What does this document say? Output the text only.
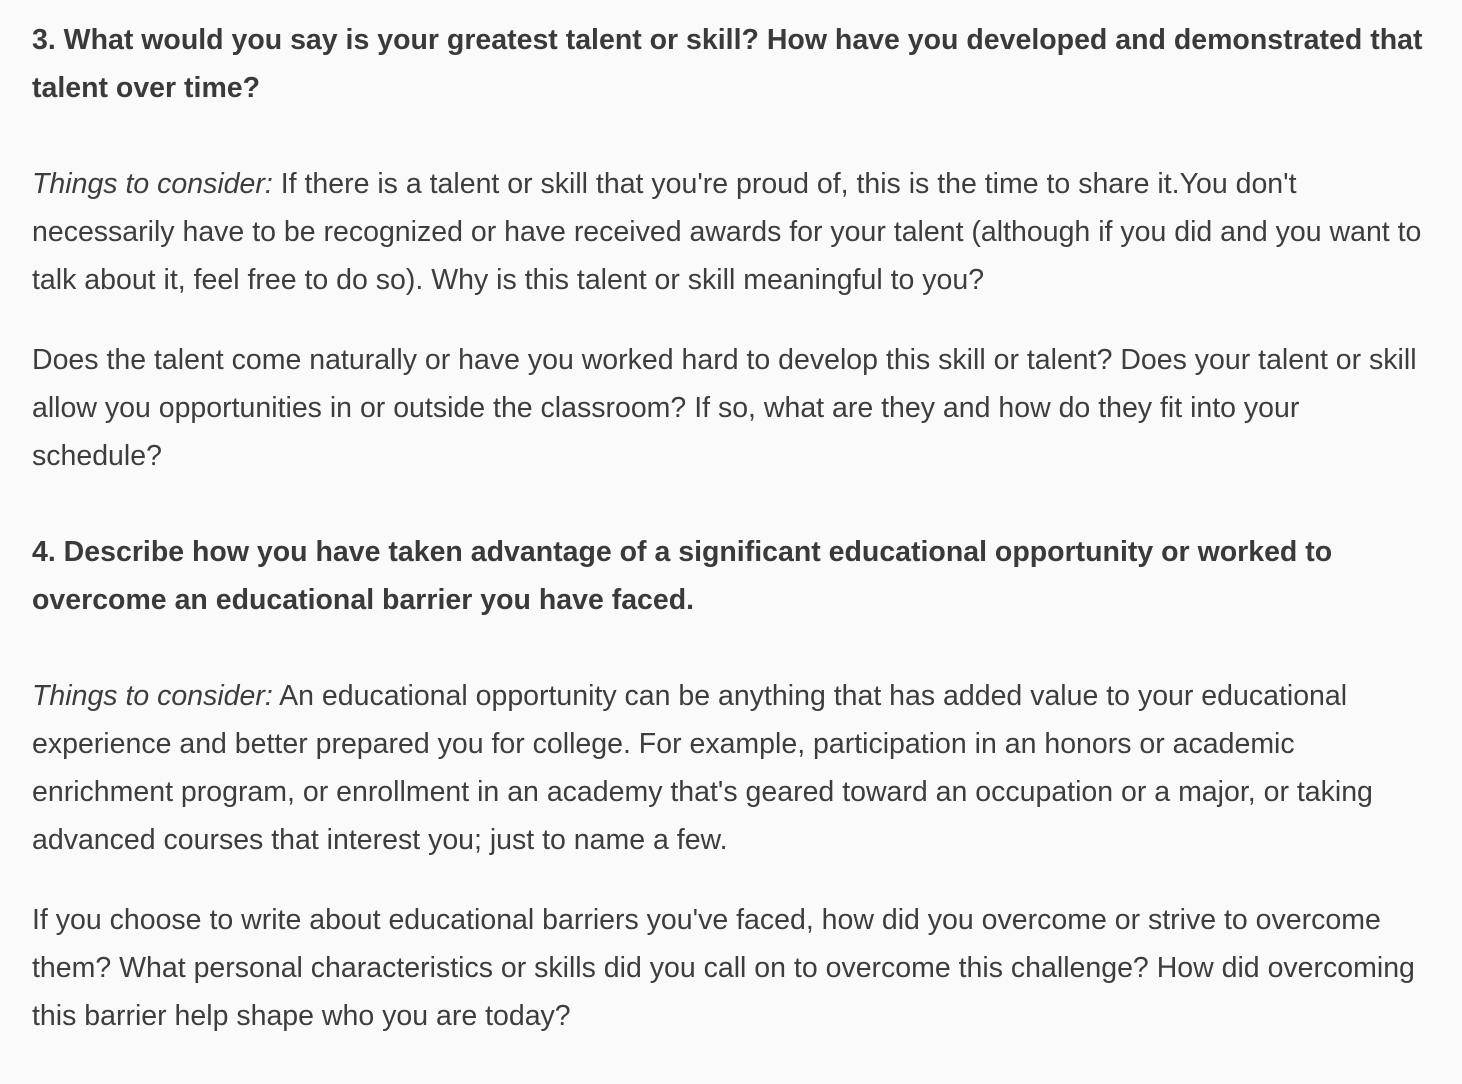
3. What would you say is your greatest talent or skill? How have you developed and demonstrated that talent over time?

Things to consider: If there is a talent or skill that you're proud of, this is the time to share it.You don't necessarily have to be recognized or have received awards for your talent (although if you did and you want to talk about it, feel free to do so). Why is this talent or skill meaningful to you?

Does the talent come naturally or have you worked hard to develop this skill or talent? Does your talent or skill allow you opportunities in or outside the classroom? If so, what are they and how do they fit into your schedule?

4. Describe how you have taken advantage of a significant educational opportunity or worked to overcome an educational barrier you have faced.

Things to consider: An educational opportunity can be anything that has added value to your educational experience and better prepared you for college. For example, participation in an honors or academic enrichment program, or enrollment in an academy that's geared toward an occupation or a major, or taking advanced courses that interest you; just to name a few.

If you choose to write about educational barriers you've faced, how did you overcome or strive to overcome them? What personal characteristics or skills did you call on to overcome this challenge? How did overcoming this barrier help shape who you are today?
